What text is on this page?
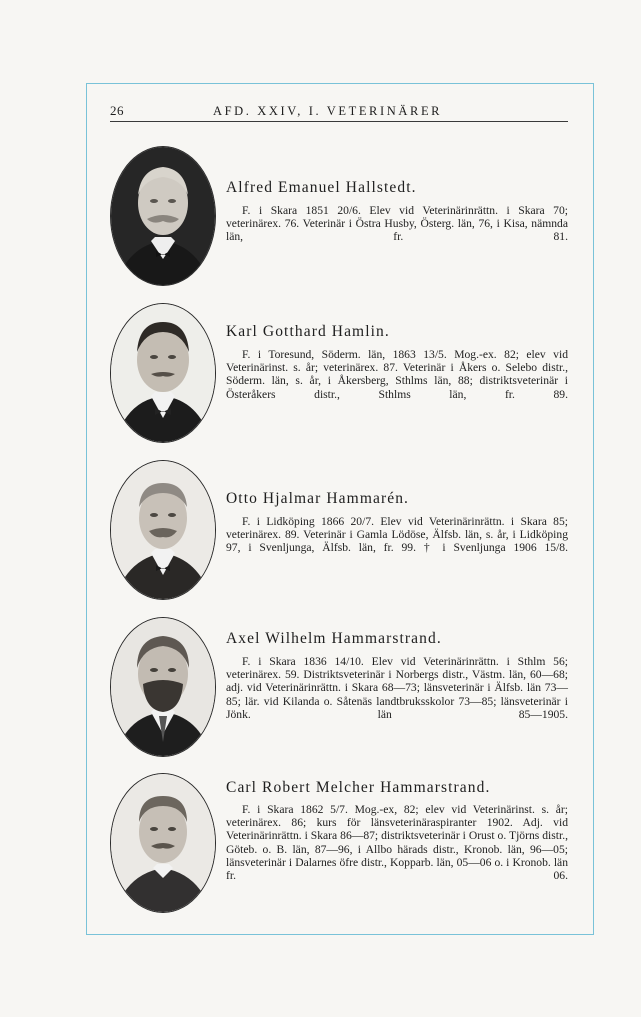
26	AFD. XXIV, I. VETERINÄRER
Alfred Emanuel Hallstedt.
F. i Skara 1851 20/6. Elev vid Veterinärinrättn. i Skara 70; veterinärex. 76. Veterinär i Östra Husby, Österg. län, 76, i Kisa, nämnda län, fr. 81.
Karl Gotthard Hamlin.
F. i Toresund, Söderm. län, 1863 13/5. Mog.-ex. 82; elev vid Veterinärinst. s. år; veterinärex. 87. Veterinär i Åkers o. Selebo distr., Söderm. län, s. år, i Åkersberg, Sthlms län, 88; distriktsveterinär i Österåkers distr., Sthlms län, fr. 89.
Otto Hjalmar Hammarén.
F. i Lidköping 1866 20/7. Elev vid Veterinärinrättn. i Skara 85; veterinärex. 89. Veterinär i Gamla Lödöse, Älfsb. län, s. år, i Lidköping 97, i Svenljunga, Älfsb. län, fr. 99. † i Svenljunga 1906 15/8.
Axel Wilhelm Hammarstrand.
F. i Skara 1836 14/10. Elev vid Veterinärinrättn. i Sthlm 56; veterinärex. 59. Distriktsveterinär i Norbergs distr., Västm. län, 60—68; adj. vid Veterinärinrättn. i Skara 68—73; länsveterinär i Älfsb. län 73—85; lär. vid Kilanda o. Såtenäs landtbruksskolor 73—85; länsveterinär i Jönk. län 85—1905.
Carl Robert Melcher Hammarstrand.
F. i Skara 1862 5/7. Mog.-ex, 82; elev vid Veterinärinst. s. år; veterinärex. 86; kurs för länsveterinäraspiranter 1902. Adj. vid Veterinärinrättn. i Skara 86—87; distriktsveterinär i Orust o. Tjörns distr., Göteb. o. B. län, 87—96, i Allbo härads distr., Kronob. län, 96—05; länsveterinär i Dalarnes öfre distr., Kopparb. län, 05—06 o. i Kronob. län fr. 06.
